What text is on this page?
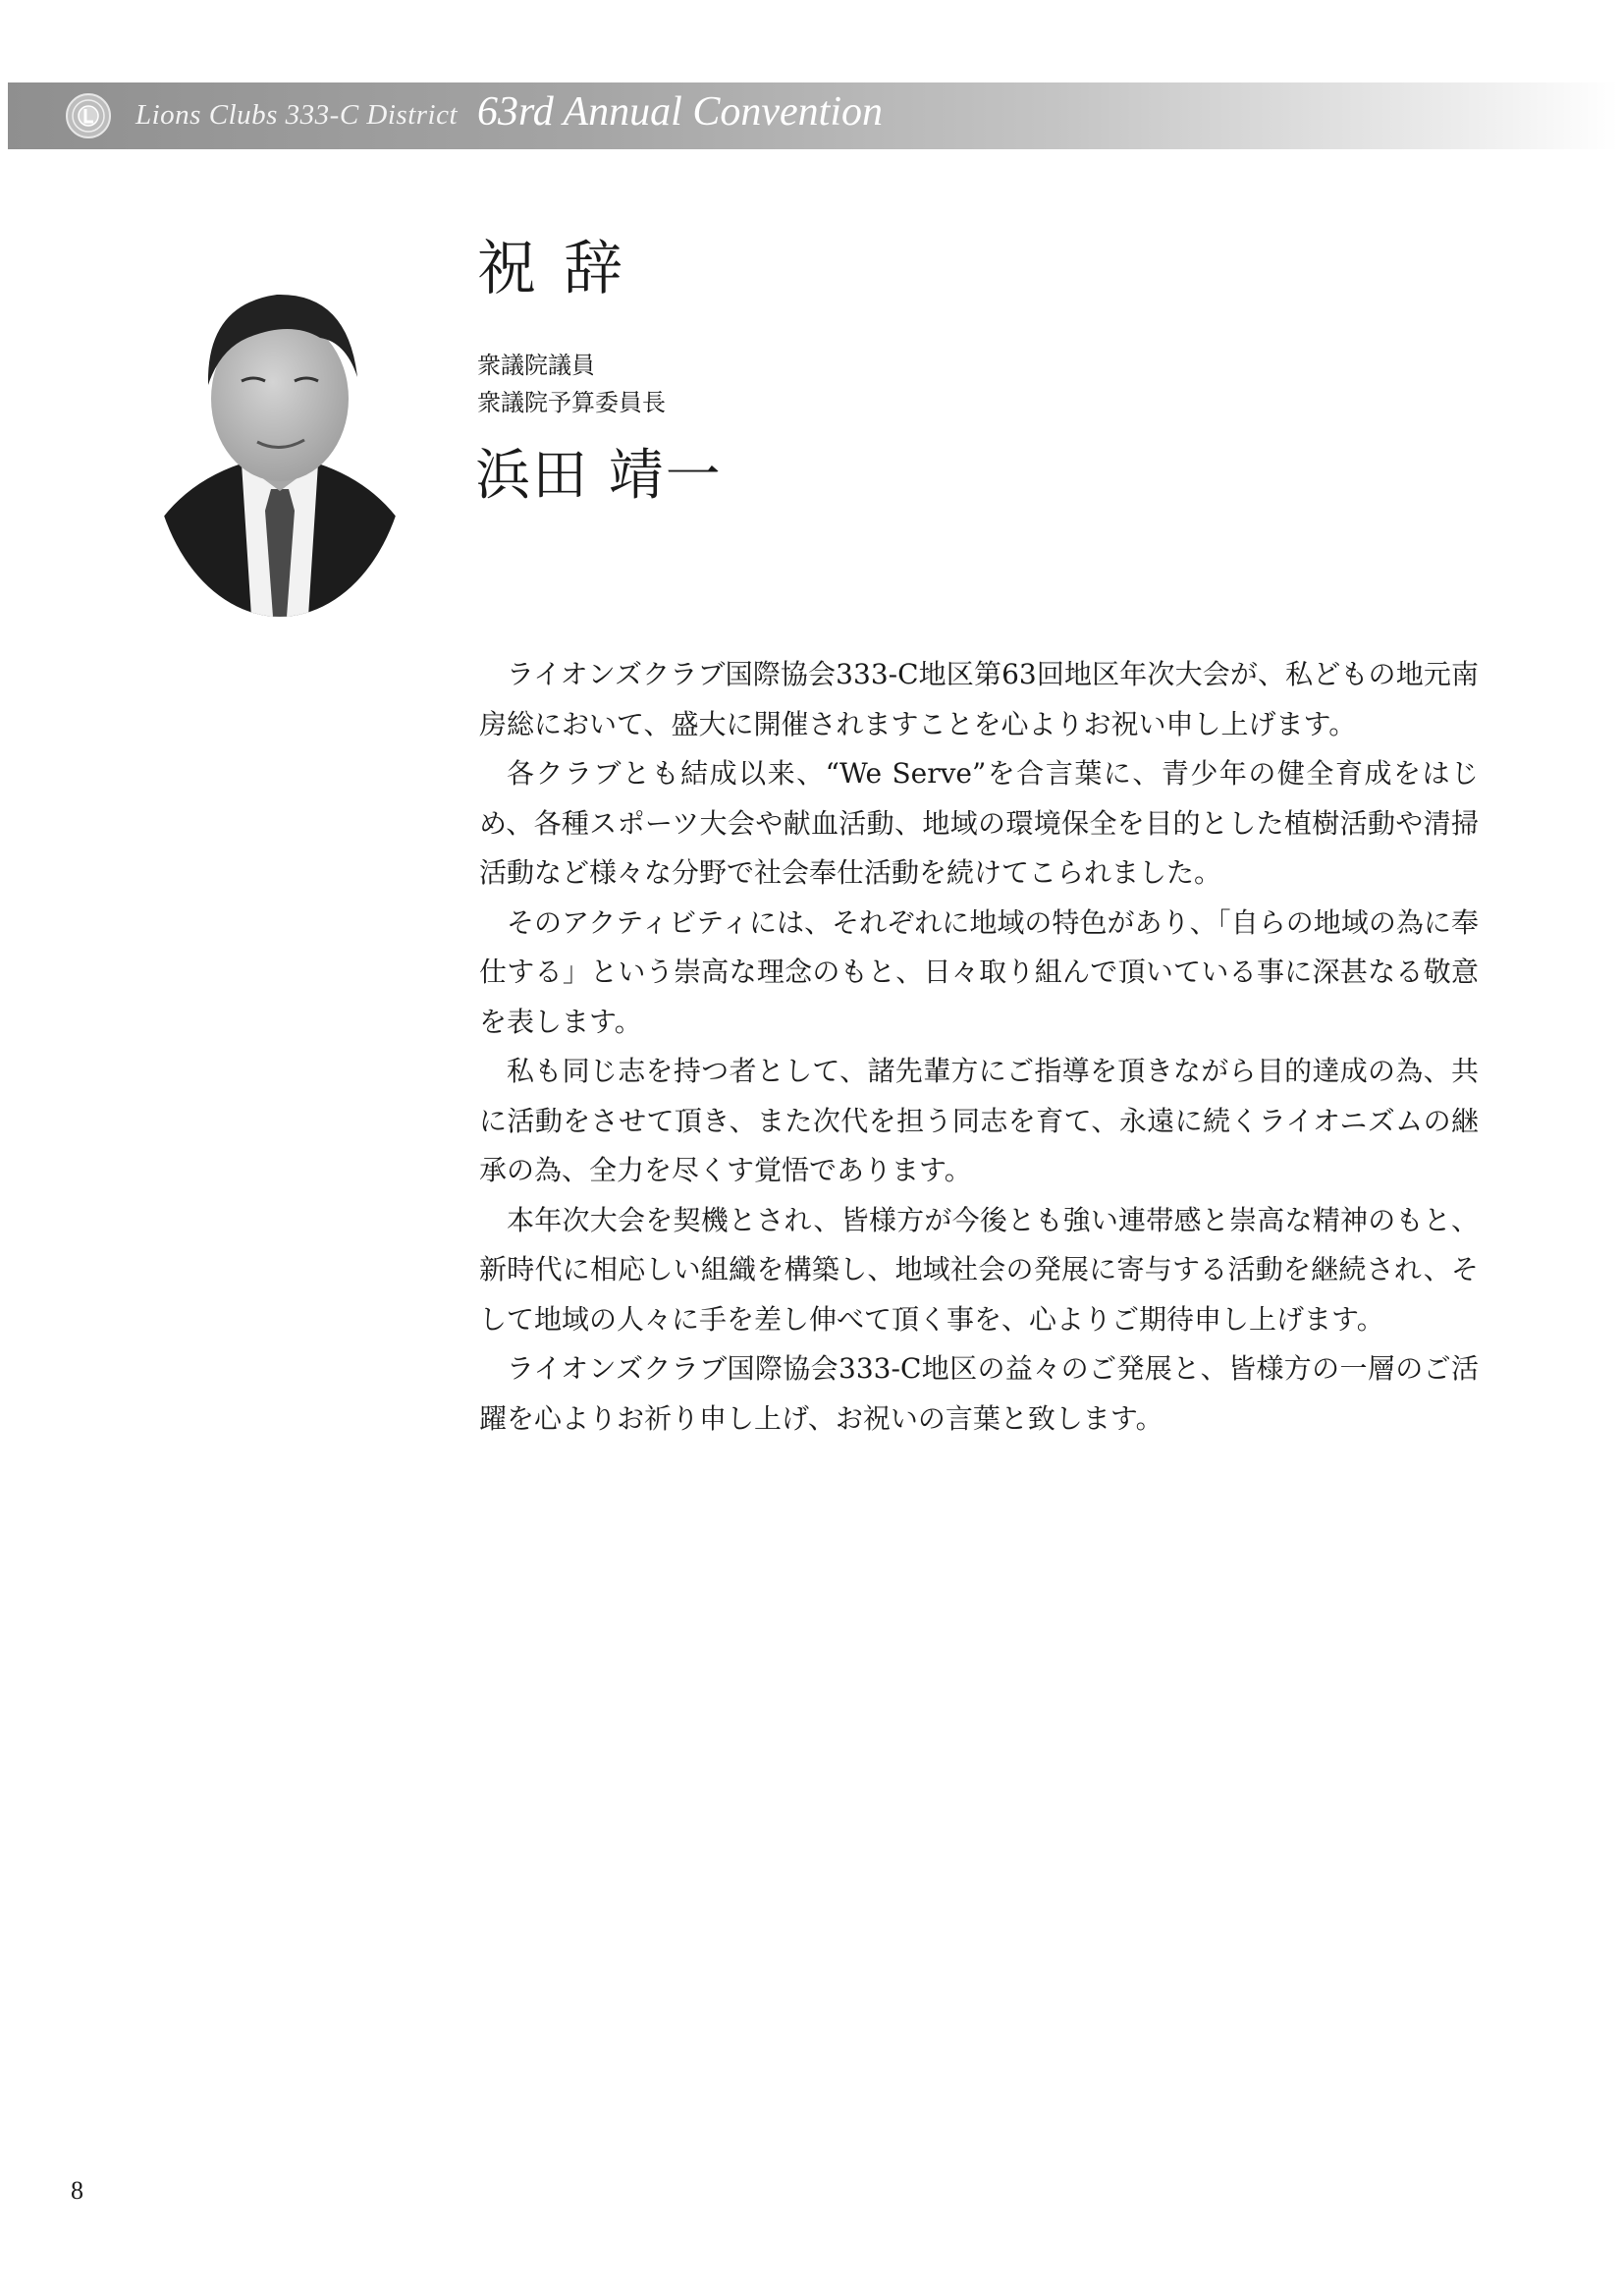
Lions Clubs 333-C District 63rd Annual Convention
祝辞
衆議院議員
衆議院予算委員長
浜田 靖一

ライオンズクラブ国際協会333-C地区第63回地区年次大会が、私どもの地元南房総において、盛大に開催されますことを心よりお祝い申し上げます。

各クラブとも結成以来、“We Serve”を合言葉に、青少年の健全育成をはじめ、各種スポーツ大会や献血活動、地域の環境保全を目的とした植樹活動や清掃活動など様々な分野で社会奉仕活動を続けてこられました。

そのアクティビティには、それぞれに地域の特色があり、「自らの地域の為に奉仕する」という崇高な理念のもと、日々取り組んで頂いている事に深甚なる敬意を表します。

私も同じ志を持つ者として、諸先輩方にご指導を頂きながら目的達成の為、共に活動をさせて頂き、また次代を担う同志を育て、永遠に続くライオニズムの継承の為、全力を尽くす覚悟であります。

本年次大会を契機とされ、皆様方が今後とも強い連帯感と崇高な精神のもと、新時代に相応しい組織を構築し、地域社会の発展に寄与する活動を継続され、そして地域の人々に手を差し伸べて頂く事を、心よりご期待申し上げます。

ライオンズクラブ国際協会333-C地区の益々のご発展と、皆様方の一層のご活躍を心よりお祈り申し上げ、お祝いの言葉と致します。

8
